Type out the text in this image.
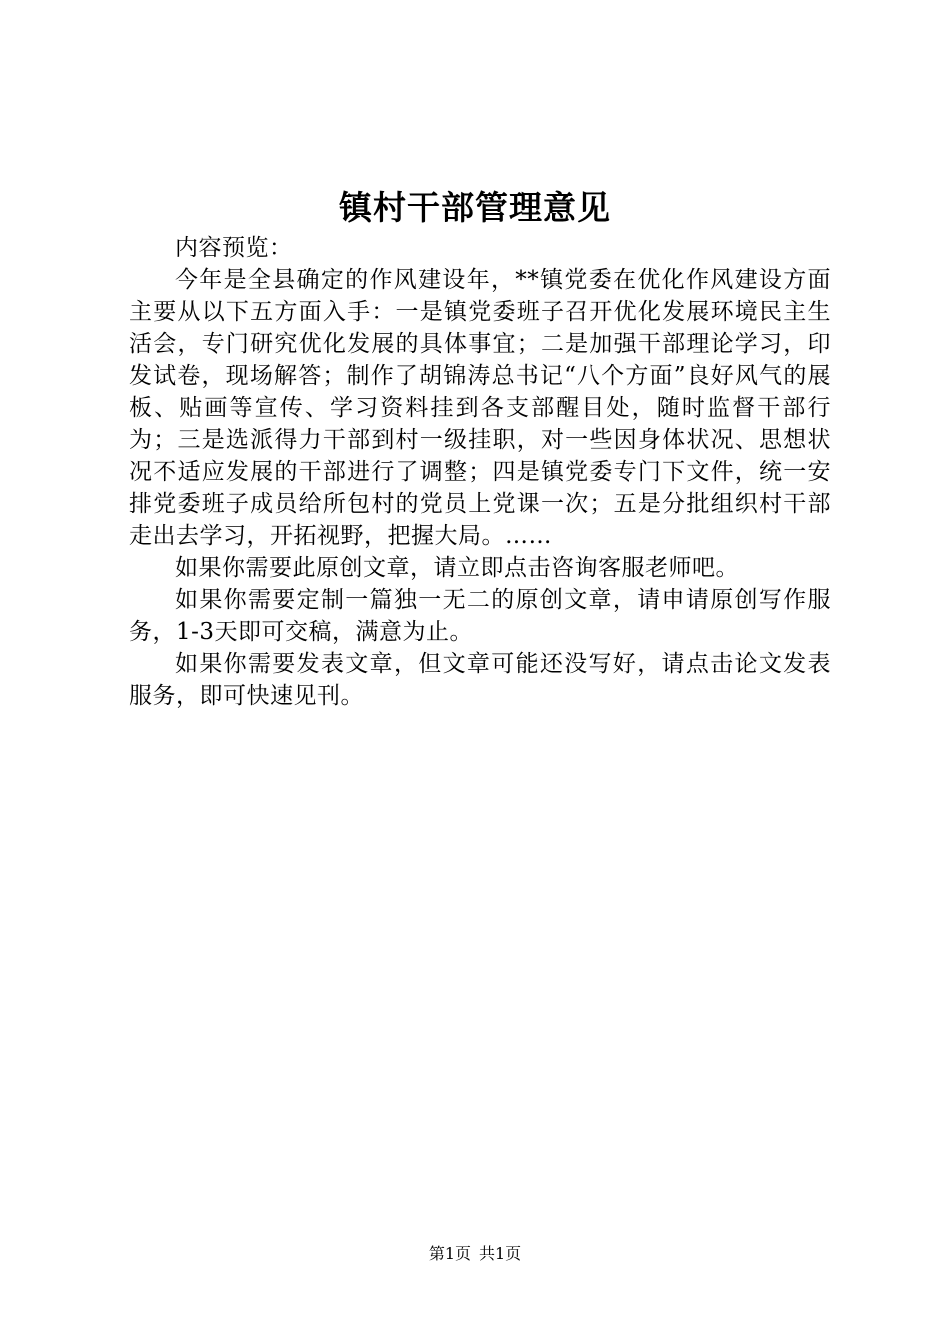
镇村干部管理意见

内容预览：

今年是全县确定的作风建设年，**镇党委在优化作风建设方面主要从以下五方面入手：一是镇党委班子召开优化发展环境民主生活会，专门研究优化发展的具体事宜；二是加强干部理论学习，印发试卷，现场解答；制作了胡锦涛总书记“八个方面”良好风气的展板、贴画等宣传、学习资料挂到各支部醒目处，随时监督干部行为；三是选派得力干部到村一级挂职，对一些因身体状况、思想状况不适应发展的干部进行了调整；四是镇党委专门下文件，统一安排党委班子成员给所包村的党员上党课一次；五是分批组织村干部走出去学习，开拓视野，把握大局。……

如果你需要此原创文章，请立即点击咨询客服老师吧。

如果你需要定制一篇独一无二的原创文章，请申请原创写作服务，1-3天即可交稿，满意为止。

如果你需要发表文章，但文章可能还没写好，请点击论文发表服务，即可快速见刊。

第1页 共1页
